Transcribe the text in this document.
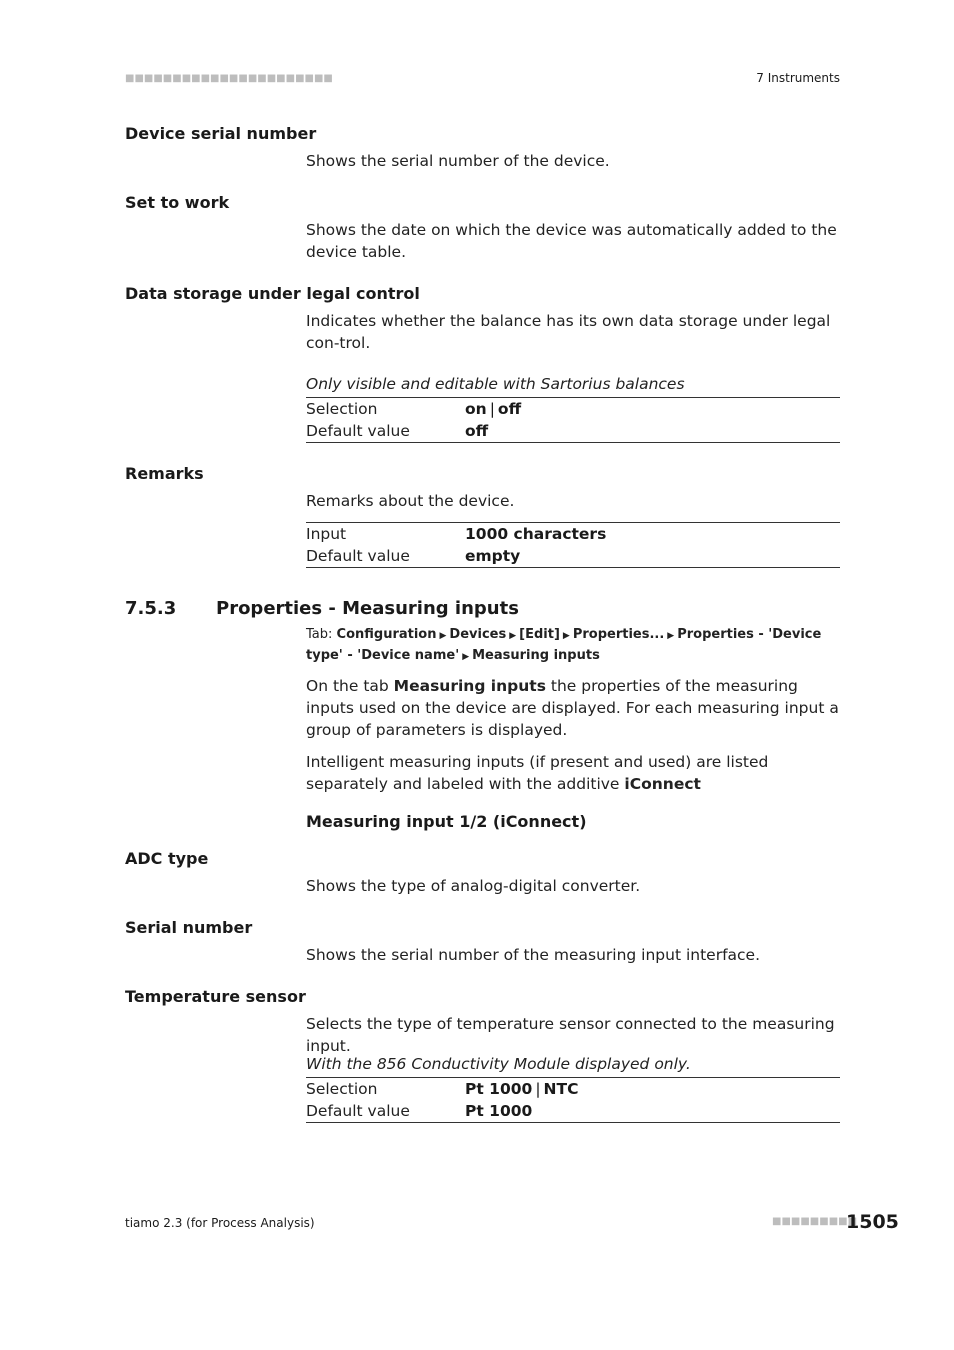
■■■■■■■■■■■■■■■■■■■■■■	7 Instruments
Device serial number
Shows the serial number of the device.
Set to work
Shows the date on which the device was automatically added to the device table.
Data storage under legal control
Indicates whether the balance has its own data storage under legal con-trol.
Only visible and editable with Sartorius balances
Selection	on | off
Default value	off
Remarks
Remarks about the device.
Input	1000 characters
Default value	empty
7.5.3 Properties - Measuring inputs
Tab: Configuration ▶ Devices ▶ [Edit] ▶ Properties... ▶ Properties - 'Device type' - 'Device name' ▶ Measuring inputs
On the tab Measuring inputs the properties of the measuring inputs used on the device are displayed. For each measuring input a group of parameters is displayed.
Intelligent measuring inputs (if present and used) are listed separately and labeled with the additive iConnect
Measuring input 1/2 (iConnect)
ADC type
Shows the type of analog-digital converter.
Serial number
Shows the serial number of the measuring input interface.
Temperature sensor
Selects the type of temperature sensor connected to the measuring input.
With the 856 Conductivity Module displayed only.
Selection	Pt 1000 | NTC
Default value	Pt 1000
tiamo 2.3 (for Process Analysis)	■■■■■■■■■
1505
